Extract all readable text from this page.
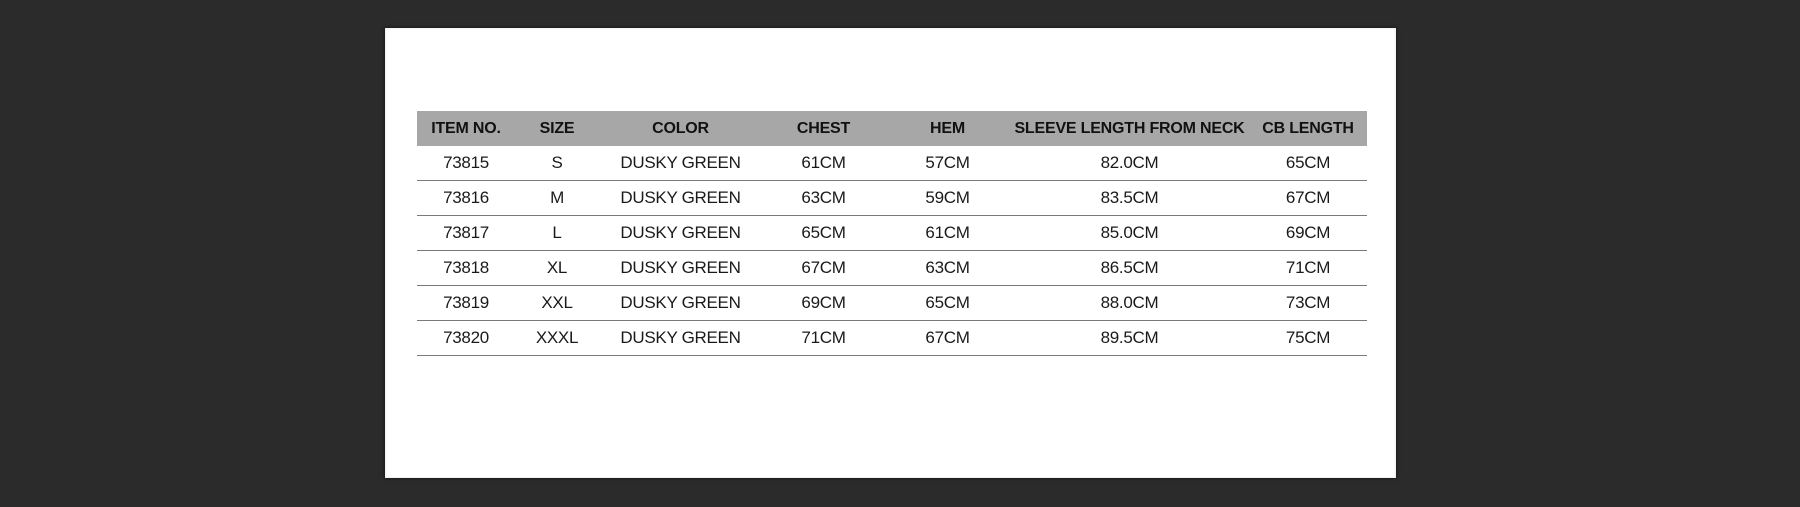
ITEM NO.	SIZE	COLOR	CHEST	HEM	SLEEVE LENGTH FROM NECK	CB LENGTH
73815	S	DUSKY GREEN	61CM	57CM	82.0CM	65CM
73816	M	DUSKY GREEN	63CM	59CM	83.5CM	67CM
73817	L	DUSKY GREEN	65CM	61CM	85.0CM	69CM
73818	XL	DUSKY GREEN	67CM	63CM	86.5CM	71CM
73819	XXL	DUSKY GREEN	69CM	65CM	88.0CM	73CM
73820	XXXL	DUSKY GREEN	71CM	67CM	89.5CM	75CM
